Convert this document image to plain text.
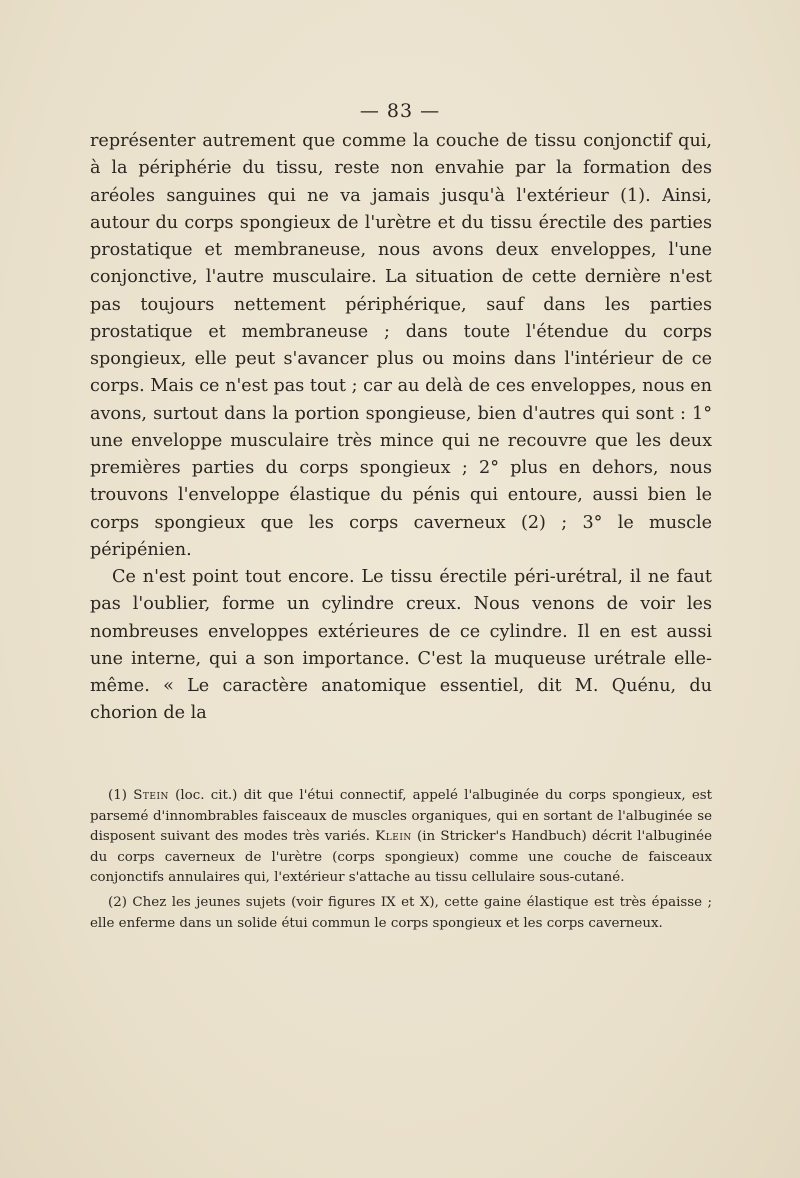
— 83 —

représenter autrement que comme la couche de tissu conjonctif qui, à la périphérie du tissu, reste non envahie par la formation des aréoles sanguines qui ne va jamais jusqu'à l'extérieur (1). Ainsi, autour du corps spongieux de l'urètre et du tissu érectile des parties prostatique et membraneuse, nous avons deux enveloppes, l'une conjonctive, l'autre musculaire. La situation de cette dernière n'est pas toujours nettement périphérique, sauf dans les parties prostatique et membraneuse ; dans toute l'étendue du corps spongieux, elle peut s'avancer plus ou moins dans l'intérieur de ce corps. Mais ce n'est pas tout ; car au delà de ces enveloppes, nous en avons, surtout dans la portion spongieuse, bien d'autres qui sont : 1° une enveloppe musculaire très mince qui ne recouvre que les deux premières parties du corps spongieux ; 2° plus en dehors, nous trouvons l'enveloppe élastique du pénis qui entoure, aussi bien le corps spongieux que les corps caverneux (2) ; 3° le muscle péripénien.

Ce n'est point tout encore. Le tissu érectile péri-urétral, il ne faut pas l'oublier, forme un cylindre creux. Nous venons de voir les nombreuses enveloppes extérieures de ce cylindre. Il en est aussi une interne, qui a son importance. C'est la muqueuse urétrale elle-même. « Le caractère anatomique essentiel, dit M. Quénu, du chorion de la

(1) Stein (loc. cit.) dit que l'étui connectif, appelé l'albuginée du corps spongieux, est parsemé d'innombrables faisceaux de muscles organiques, qui en sortant de l'albuginée se disposent suivant des modes très variés. Klein (in Stricker's Handbuch) décrit l'albuginée du corps caverneux de l'urètre (corps spongieux) comme une couche de faisceaux conjonctifs annulaires qui, l'extérieur s'attache au tissu cellulaire sous-cutané.

(2) Chez les jeunes sujets (voir figures IX et X), cette gaine élastique est très épaisse ; elle enferme dans un solide étui commun le corps spongieux et les corps caverneux.
